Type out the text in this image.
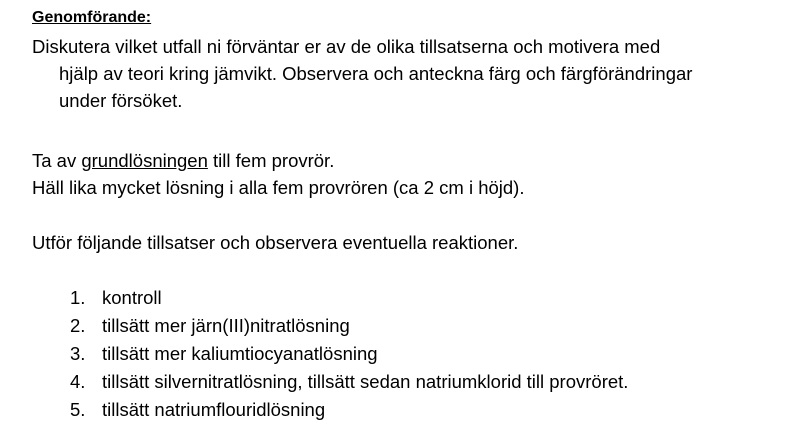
Genomförande:
Diskutera vilket utfall ni förväntar er av de olika tillsatserna och motivera med
hjälp av teori kring jämvikt. Observera och anteckna färg och färgförändringar
under försöket.
Ta av grundlösningen till fem provrör.
Häll lika mycket lösning i alla fem provrören (ca 2 cm i höjd).
Utför följande tillsatser och observera eventuella reaktioner.
1. kontroll
2. tillsätt mer järn(III)nitratlösning
3. tillsätt mer kaliumtiocyanatlösning
4. tillsätt silvernitratlösning, tillsätt sedan natriumklorid till provröret.
5. tillsätt natriumflouridlösning
